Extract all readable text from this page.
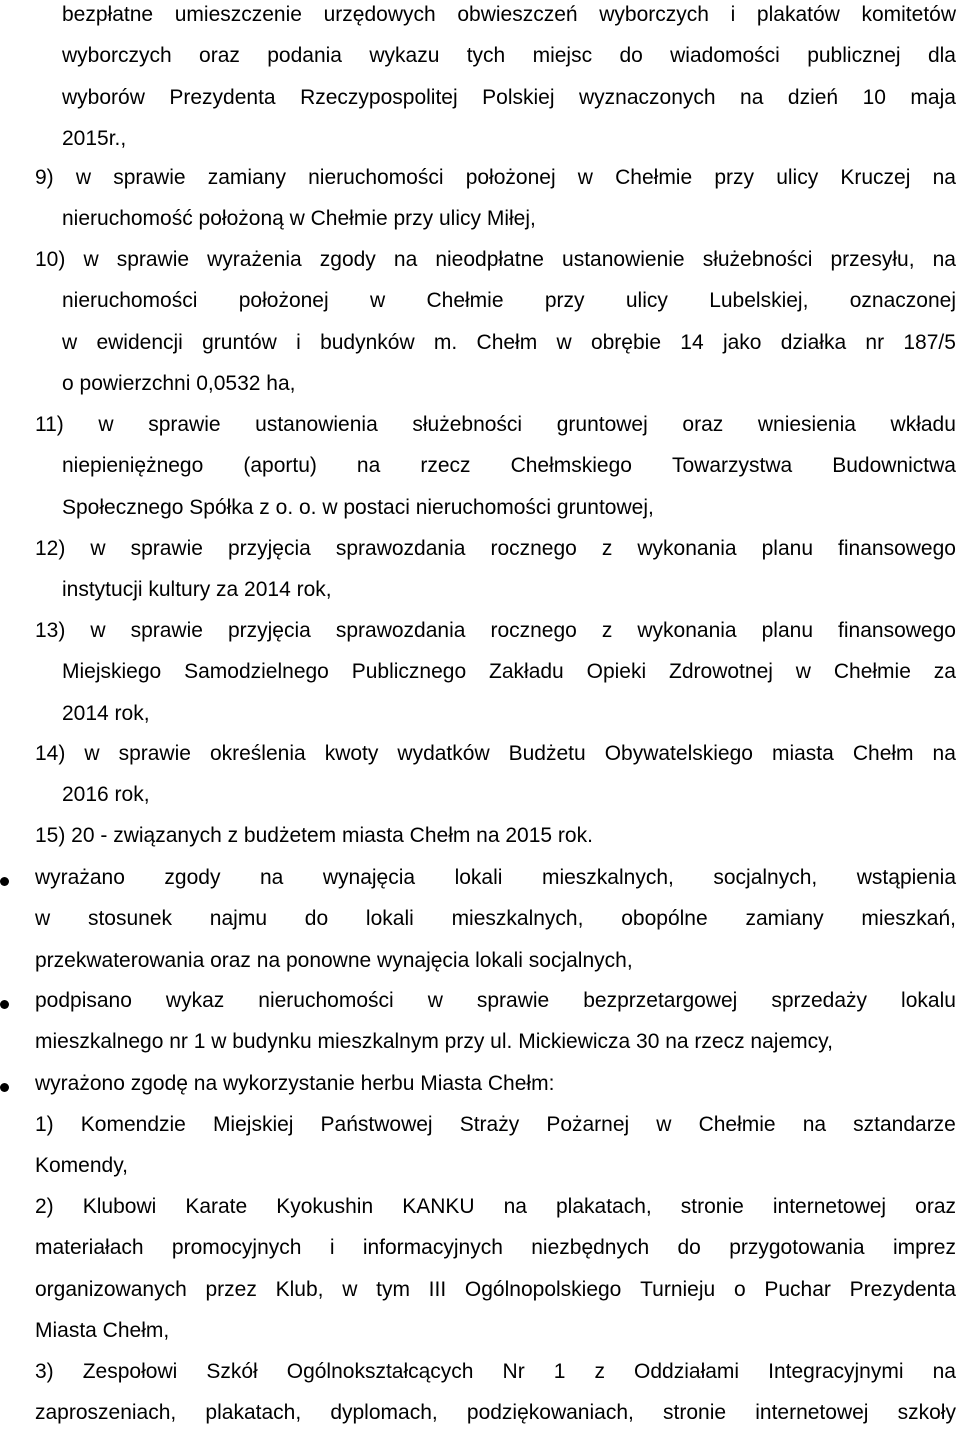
bezpłatne umieszczenie urzędowych obwieszczeń wyborczych i plakatów komitetów
wyborczych oraz podania wykazu tych miejsc do wiadomości publicznej dla
wyborów Prezydenta Rzeczypospolitej Polskiej wyznaczonych na dzień 10 maja
2015r.,
9) w sprawie zamiany nieruchomości położonej w Chełmie przy ulicy Kruczej na
nieruchomość położoną w Chełmie przy ulicy Miłej,
10) w sprawie wyrażenia zgody na nieodpłatne ustanowienie służebności przesyłu, na
nieruchomości położonej w Chełmie przy ulicy Lubelskiej, oznaczonej
w ewidencji gruntów i budynków m. Chełm w obrębie 14 jako działka nr 187/5
o powierzchni 0,0532 ha,
11) w sprawie ustanowienia służebności gruntowej oraz wniesienia wkładu
niepieniężnego (aportu) na rzecz Chełmskiego Towarzystwa Budownictwa
Społecznego Spółka z o. o. w postaci nieruchomości gruntowej,
12) w sprawie przyjęcia sprawozdania rocznego z wykonania planu finansowego
instytucji kultury za 2014 rok,
13) w sprawie przyjęcia sprawozdania rocznego z wykonania planu finansowego
Miejskiego Samodzielnego Publicznego Zakładu Opieki Zdrowotnej w Chełmie za
2014 rok,
14) w sprawie określenia kwoty wydatków Budżetu Obywatelskiego miasta Chełm na
2016 rok,
15) 20 - związanych z budżetem miasta Chełm na 2015 rok.
wyrażano zgody na wynajęcia lokali mieszkalnych, socjalnych, wstąpienia
w stosunek najmu do lokali mieszkalnych, obopólne zamiany mieszkań,
przekwaterowania oraz na ponowne wynajęcia lokali socjalnych,
podpisano wykaz nieruchomości w sprawie bezprzetargowej sprzedaży lokalu
mieszkalnego nr 1 w budynku mieszkalnym przy ul. Mickiewicza 30 na rzecz najemcy,
wyrażono zgodę na wykorzystanie herbu Miasta Chełm:
1) Komendzie Miejskiej Państwowej Straży Pożarnej w Chełmie na sztandarze
Komendy,
2) Klubowi Karate Kyokushin KANKU na plakatach, stronie internetowej oraz
materiałach promocyjnych i informacyjnych niezbędnych do przygotowania imprez
organizowanych przez Klub, w tym III Ogólnopolskiego Turnieju o Puchar Prezydenta
Miasta Chełm,
3) Zespołowi Szkół Ogólnokształcących Nr 1 z Oddziałami Integracyjnymi na
zaproszeniach, plakatach, dyplomach, podziękowaniach, stronie internetowej szkoły
